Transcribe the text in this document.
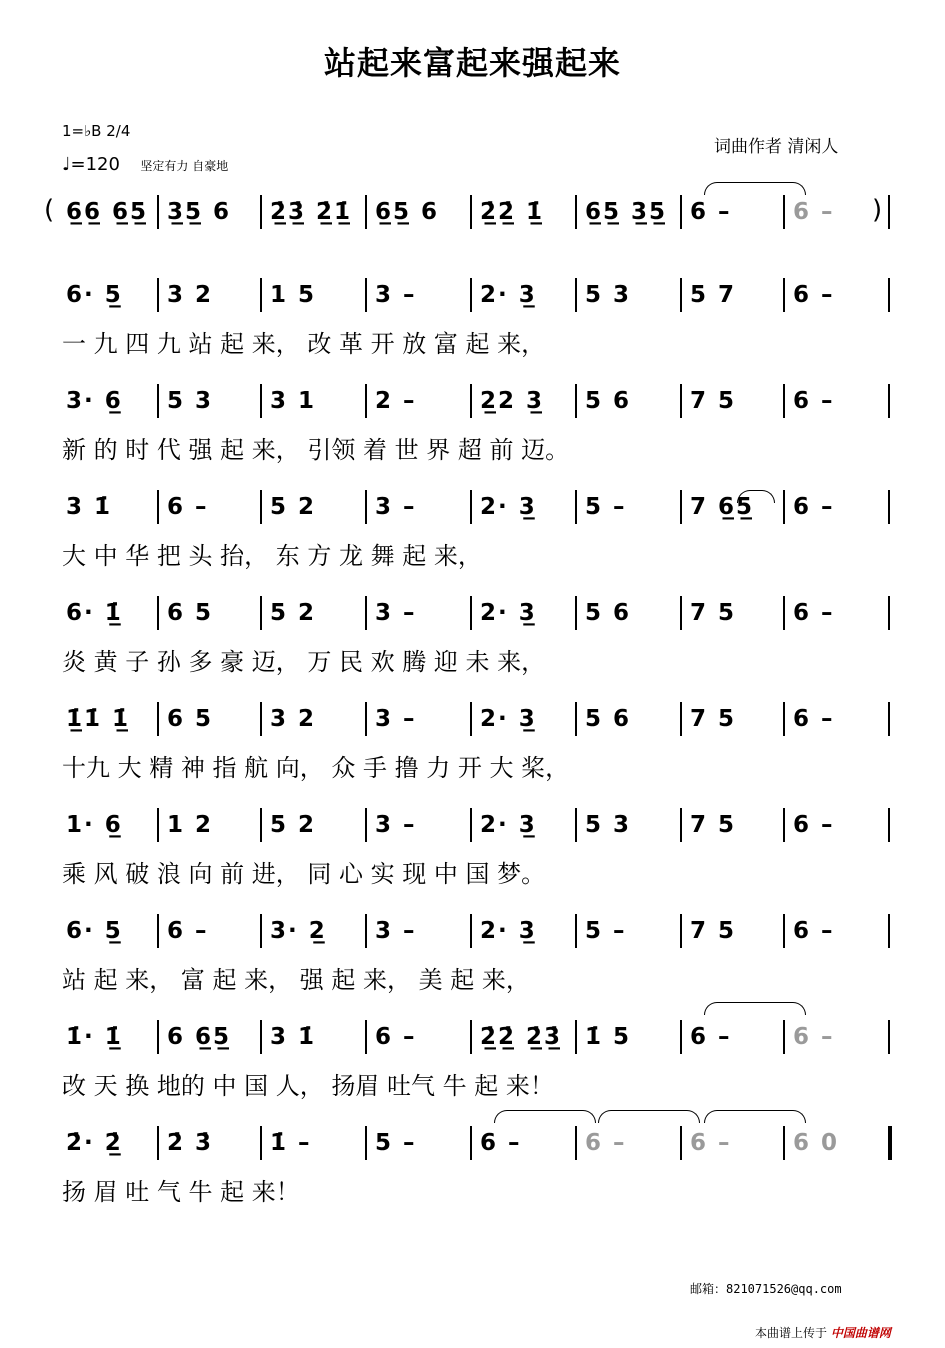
站起来富起来强起来
1=♭B 2/4
♩=120 坚定有力 自豪地
词曲作者 清闲人
6̲6̲ 6̲5̲ 3̲5̲ 6 2̲̇3̲̇ 2̲̇1̲̇ 6̲5̲ 6 2̲̇2̲̇ 1̲̇ 6̲5̲ 3̲5̲ 6 –	6 –
(	)
6· 5̲ 3 2 1 5	3 –	2· 3̲ 5 3	5 7 6 –
一 九 四 九 站 起 来， 改 革 开 放 富 起 来，
3· 6̲ 5 3 3 1	2 –	2̲2 3̲ 5 6	7 5 6 –
新 的 时 代 强 起 来， 引领 着 世 界 超 前 迈。
3 1̇ 6 –	5 2	3 –	2· 3̲ 5 –	7 6̲5̲ 6 –
大 中 华 把 头 抬， 东 方 龙 舞 起 来，
6· 1̲̇ 6 5 5 2	3 –	2· 3̲ 5 6	7 5 6 –
炎 黄 子 孙 多 豪 迈， 万 民 欢 腾 迎 未 来，
1̲̇1̇ 1̲̇ 6 5 3 2	3 –	2· 3̲ 5 6	7 5 6 –
十九 大 精 神 指 航 向， 众 手 撸 力 开 大 桨，
1· 6̲ 1 2 5 2	3 –	2· 3̲ 5 3	7 5 6 –
乘 风 破 浪 向 前 进， 同 心 实 现 中 国 梦。
6· 5̲ 6 –	3· 2̲ 3 –	2· 3̲ 5 –	7 5 6 –
站 起 来， 富 起 来， 强 起 来， 美 起 来，
1̇· 1̲̇ 6 6̲5̲ 3 1̇	6 –	2̲̇2̲̇ 2̲̇3̲̇ 1̇ 5	6 –	6 –
改 天 换 地的 中 国 人， 扬眉 吐气 牛 起 来！
2̇· 2̲̇ 2̇ 3̇ 1̇ –	5 –	6 –	6 –	6 –	6 0
扬 眉 吐 气 牛 起 来！
邮箱：821071526@qq.com
本曲谱上传于 中国曲谱网
